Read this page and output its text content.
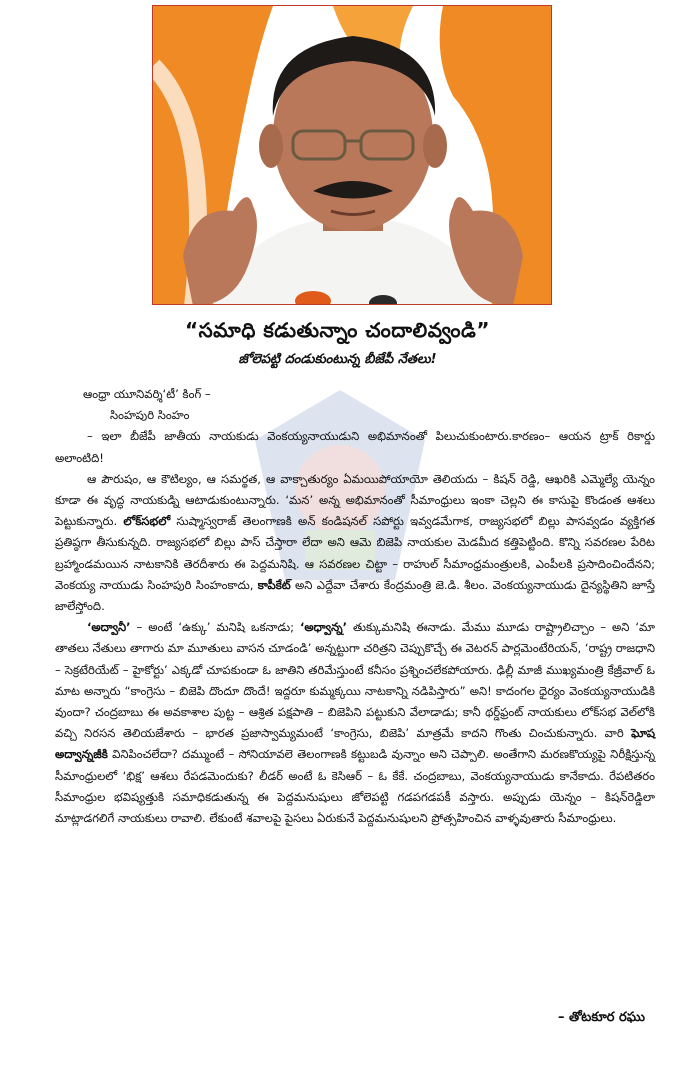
“సమాధి కడుతున్నాం చందాలివ్వండి”
జోలెపట్టి దండుకుంటున్న బీజేపీ నేతలు!

ఆంధ్రా యూనివర్శి‘టీ’ కింగ్ –

సింహపురి సింహం

– ఇలా బీజేపీ జాతీయ నాయకుడు వెంకయ్యనాయుడుని అభిమానంతో పిలుచుకుంటారు.కారణం– ఆయన ట్రాక్ రికార్డు అలాంటిది!

ఆ పౌరుషం, ఆ కౌటిల్యం, ఆ సమర్థత, ఆ వాక్చాతుర్యం ఏమయిపోయాయో తెలియదు – కిషన్ రెడ్డి, ఆఖరికి ఎమ్మెల్యే యెన్నం కూడా ఈ వృద్ధ నాయకుడ్ని ఆటాడుకుంటున్నారు. ‘మన’ అన్న అభిమానంతో సీమాంధ్రులు ఇంకా చెల్లని ఈ కాసుపై కొండంత ఆశలు పెట్టుకున్నారు. లోక్‌సభలో సుష్మాస్వరాజ్ తెలంగాణకి అన్ కండిషనల్ సపోర్టు ఇవ్వడమేగాక, రాజ్యసభలో బిల్లు పాసవ్వడం వ్యక్తిగత ప్రతిష్ఠగా తీసుకున్నది. రాజ్యసభలో బిల్లు పాస్ చేస్తారా లేదా అని ఆమె బిజెపి నాయకుల మెడమీద కత్తిపెట్టింది. కొన్ని సవరణల పేరిట బ్రహ్మాండమయిన నాటకానికి తెరదీశారు ఈ పెద్దమనిషి. ఆ సవరణల చిట్టా – రాహుల్ సీమాంధ్రమంత్రులకి, ఎంపీలకి ప్రసాదించిందేనని; వెంకయ్య నాయుడు సింహపురి సింహంకాదు, కాపీకేట్ అని ఎద్దేవా చేశారు కేంద్రమంత్రి జె.డి. శీలం. వెంకయ్యనాయుడు దైన్యస్థితిని జూస్తే జాలేస్తోంది.

‘అద్వానీ’ – అంటే ‘ఉక్కు’ మనిషి ఒకనాడు; ‘అధ్వాన్న’ తుక్కుమనిషి ఈనాడు. మేము మూడు రాష్ట్రాలిచ్చాం – అని ‘మా తాతలు నేతులు తాగారు మా మూతులు వాసన చూడండి’ అన్నట్టుగా చరిత్రని చెప్పుకొచ్చే ఈ వెటరన్ పార్లమెంటేరియన్, ‘రాష్ట్ర రాజధాని – సెక్రటేరియేట్ – హైకోర్టు’ ఎక్కడో చూపకుండా ఓ జాతిని తరిమేస్తుంటే కనీసం ప్రశ్నించలేకపోయారు. ఢిల్లీ మాజీ ముఖ్యమంత్రి కేజ్రీవాల్ ఓ మాట అన్నారు “కాంగ్రెసు – బిజెపి దొందూ దొందే! ఇద్దరూ కుమ్మక్కయి నాటకాన్ని నడిపిస్తారు” అని! కాదంగల ధైర్యం వెంకయ్యనాయుడికి వుందా? చంద్రబాబు ఈ అవకాశాల పుట్ట – ఆశ్రిత పక్షపాతి – బిజెపిని పట్టుకుని వేలాడాడు; కానీ థర్డ్‌ఫ్రంట్ నాయకులు లోక్‌సభ వెల్‌లోకి వచ్చి నిరసన తెలియజేశారు – భారత ప్రజాస్వామ్యమంటే ‘కాంగ్రెసు, బిజెపి’ మాత్రమే కాదని గొంతు చించుకున్నారు. వారి ఘోష అద్వాన్నజీకి వినిపించలేదా? దమ్ముంటే – సోనియావలె తెలంగాణకి కట్టుబడి వున్నాం అని చెప్పాలి. అంతేగాని మరణకొయ్యపై నిరీక్షిస్తున్న సీమాంధ్రులలో ‘భిక్ష’ ఆశలు రేపడమెందుకు? లీడర్ అంటే ఓ కెసిఆర్ – ఓ కేకే. చంద్రబాబు, వెంకయ్యనాయుడు కానేకాదు. రేపటితరం సీమాంధ్రుల భవిష్యత్తుకి సమాధికడుతున్న ఈ పెద్దమనుషులు జోలెపట్టి గడపగడపకీ వస్తారు. అప్పుడు యెన్నం – కిషన్‌రెడ్డిలా మాట్లాడగలిగే నాయకులు రావాలి. లేకుంటే శవాలపై పైసలు ఏరుకునే పెద్దమనుషులని ప్రోత్సహించిన వాళ్ళవుతారు సీమాంధ్రులు.

– తోటకూర రఘు
